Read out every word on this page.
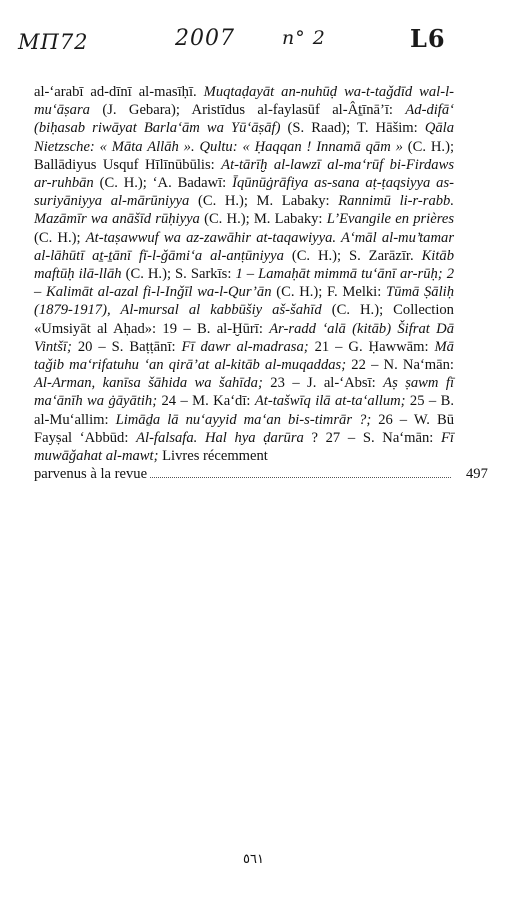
ΜΠ72	2007 n° 2	L6

al-‘arabī ad-dīnī al-masīḥī. Muqtaḍayāt an-nuhūḍ wa-t-taǧdīd wal-l-mu‘āṣara (J. Gebara); Aristīdus al-faylasūf al-Âṯīnā’ī: Ad-difā‘ (biḥasab riwāyat Barla‘ām wa Yū‘āṣāf) (S. Raad); T. Hāšim: Qāla Nietzsche: « Māta Allāh ». Qultu: « Ḥaqqan ! Innamā qām » (C. H.); Ballādiyus Usquf Hīlīnūbūlis: At-tārīḫ al-lawzī al-ma‘rūf bi-Firdaws ar-ruhbān (C. H.); ‘A. Badawī: Īqūnūġrāfiya as-sana aṭ-ṭaqsiyya as-suriyāniyya al-mārūniyya (C. H.); M. Labaky: Rannimū li-r-rabb. Mazāmīr wa anāšīd rūḥiyya (C. H.); M. Labaky: L’Evangile en prières (C. H.); At-taṣawwuf wa az-zawāhir at-taqawiyya. A‘māl al-mu’tamar al-lāhūtī aṯ-ṯānī fī-l-ǧāmi‘a al-anṭūniyya (C. H.); S. Zarāzīr. Kitāb maftūḥ ilā-llāh (C. H.); S. Sarkīs: 1 – Lamaḥāt mimmā tu‘ānī ar-rūḥ; 2 – Kalimāt al-azal fi-l-Inǧīl wa-l-Qur’ān (C. H.); F. Melki: Tūmā Ṣāliḥ (1879-1917), Al-mursal al kabbūšiy aš-šahīd (C. H.); Collection «Umsiyāt al Aḥad»: 19 – B. al-Ḫūrī: Ar-radd ‘alā (kitāb) Šifrat Dā Vintšī; 20 – S. Baṭṭānī: Fī dawr al-madrasa; 21 – G. Ḥawwām: Mā taǧib ma‘rifatuhu ‘an qirā’at al-kitāb al-muqaddas; 22 – N. Na‘mān: Al-Arman, kanīsa šāhida wa šahīda; 23 – J. al-‘Absī: Aṣ ṣawm fī ma‘ānīh wa ġāyātih; 24 – M. Ka‘dī: At-tašwīq ilā at-ta‘allum; 25 – B. al-Mu‘allim: Limāḏa lā nu‘ayyid ma‘an bi-s-timrār ?; 26 – W. Bū Fayṣal ‘Abbūd: Al-falsafa. Hal hya ḍarūra ? 27 – S. Na‘mān: Fī muwāǧahat al-mawt; Livres récemment

parvenus à la revue	497
٥٦١
